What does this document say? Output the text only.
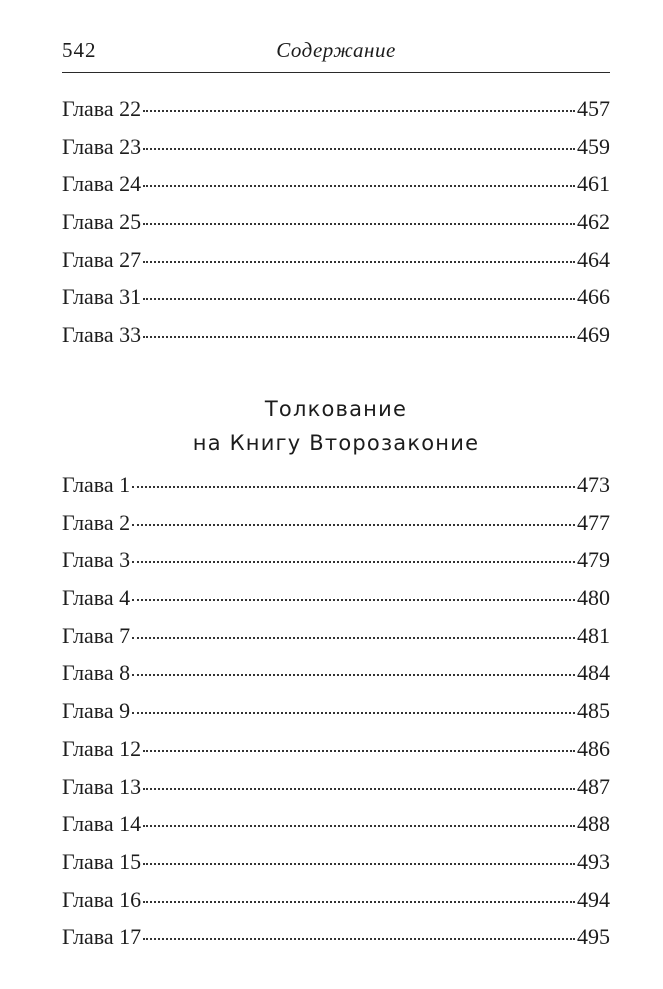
542	Содержание
Глава 22	457
Глава 23	459
Глава 24	461
Глава 25	462
Глава 27	464
Глава 31	466
Глава 33	469
Толкование
на Книгу Второзаконие
Глава 1	473
Глава 2	477
Глава 3	479
Глава 4	480
Глава 7	481
Глава 8	484
Глава 9	485
Глава 12	486
Глава 13	487
Глава 14	488
Глава 15	493
Глава 16	494
Глава 17	495
